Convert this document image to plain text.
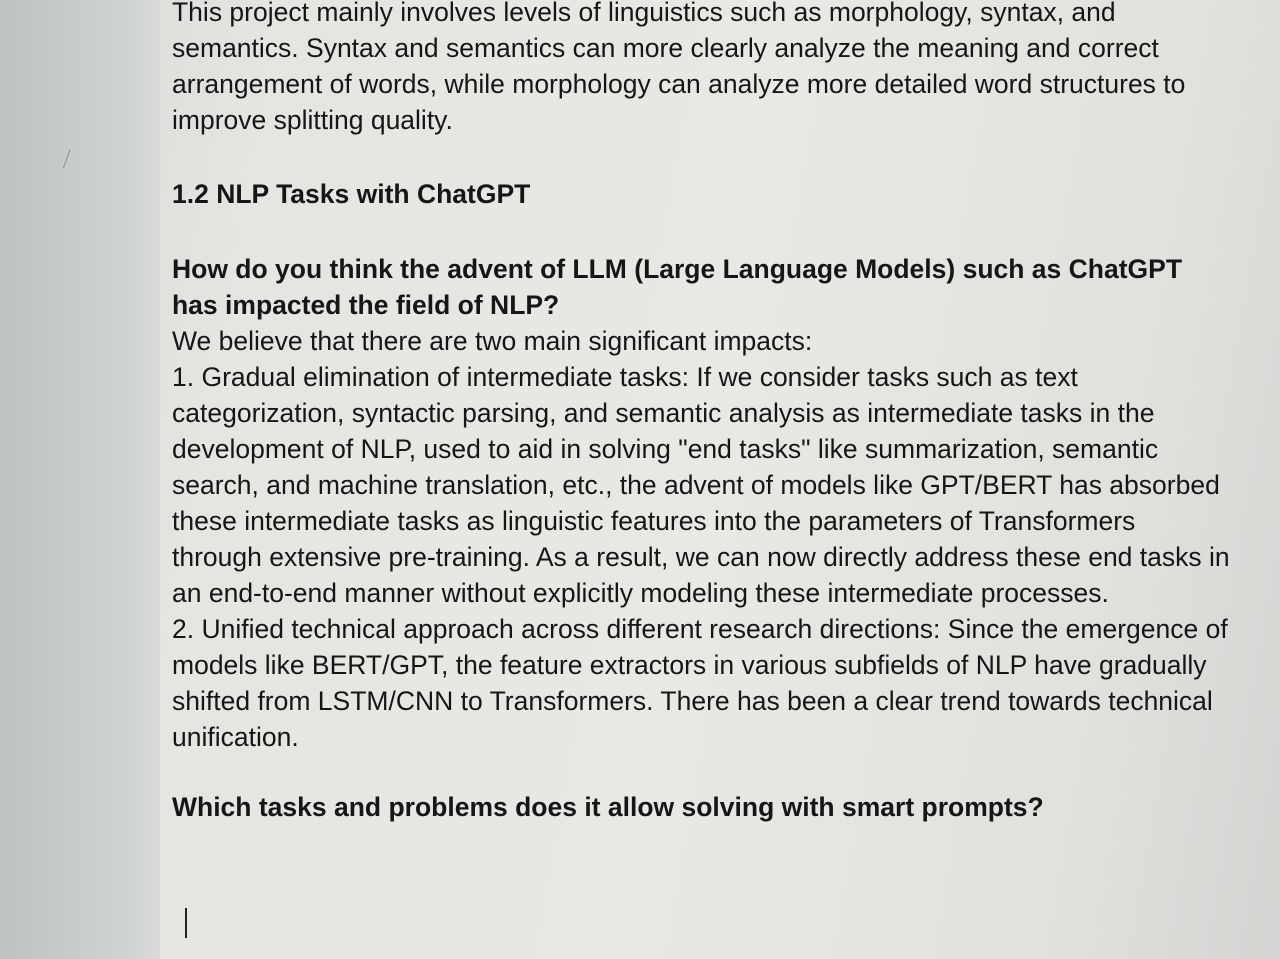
This project mainly involves levels of linguistics such as morphology, syntax, and semantics. Syntax and semantics can more clearly analyze the meaning and correct arrangement of words, while morphology can analyze more detailed word structures to improve splitting quality.

1.2 NLP Tasks with ChatGPT

How do you think the advent of LLM (Large Language Models) such as ChatGPT has impacted the field of NLP?

We believe that there are two main significant impacts:

1. Gradual elimination of intermediate tasks: If we consider tasks such as text categorization, syntactic parsing, and semantic analysis as intermediate tasks in the development of NLP, used to aid in solving "end tasks" like summarization, semantic search, and machine translation, etc., the advent of models like GPT/BERT has absorbed these intermediate tasks as linguistic features into the parameters of Transformers through extensive pre-training. As a result, we can now directly address these end tasks in an end-to-end manner without explicitly modeling these intermediate processes.

2. Unified technical approach across different research directions: Since the emergence of models like BERT/GPT, the feature extractors in various subfields of NLP have gradually shifted from LSTM/CNN to Transformers. There has been a clear trend towards technical unification.

Which tasks and problems does it allow solving with smart prompts?
